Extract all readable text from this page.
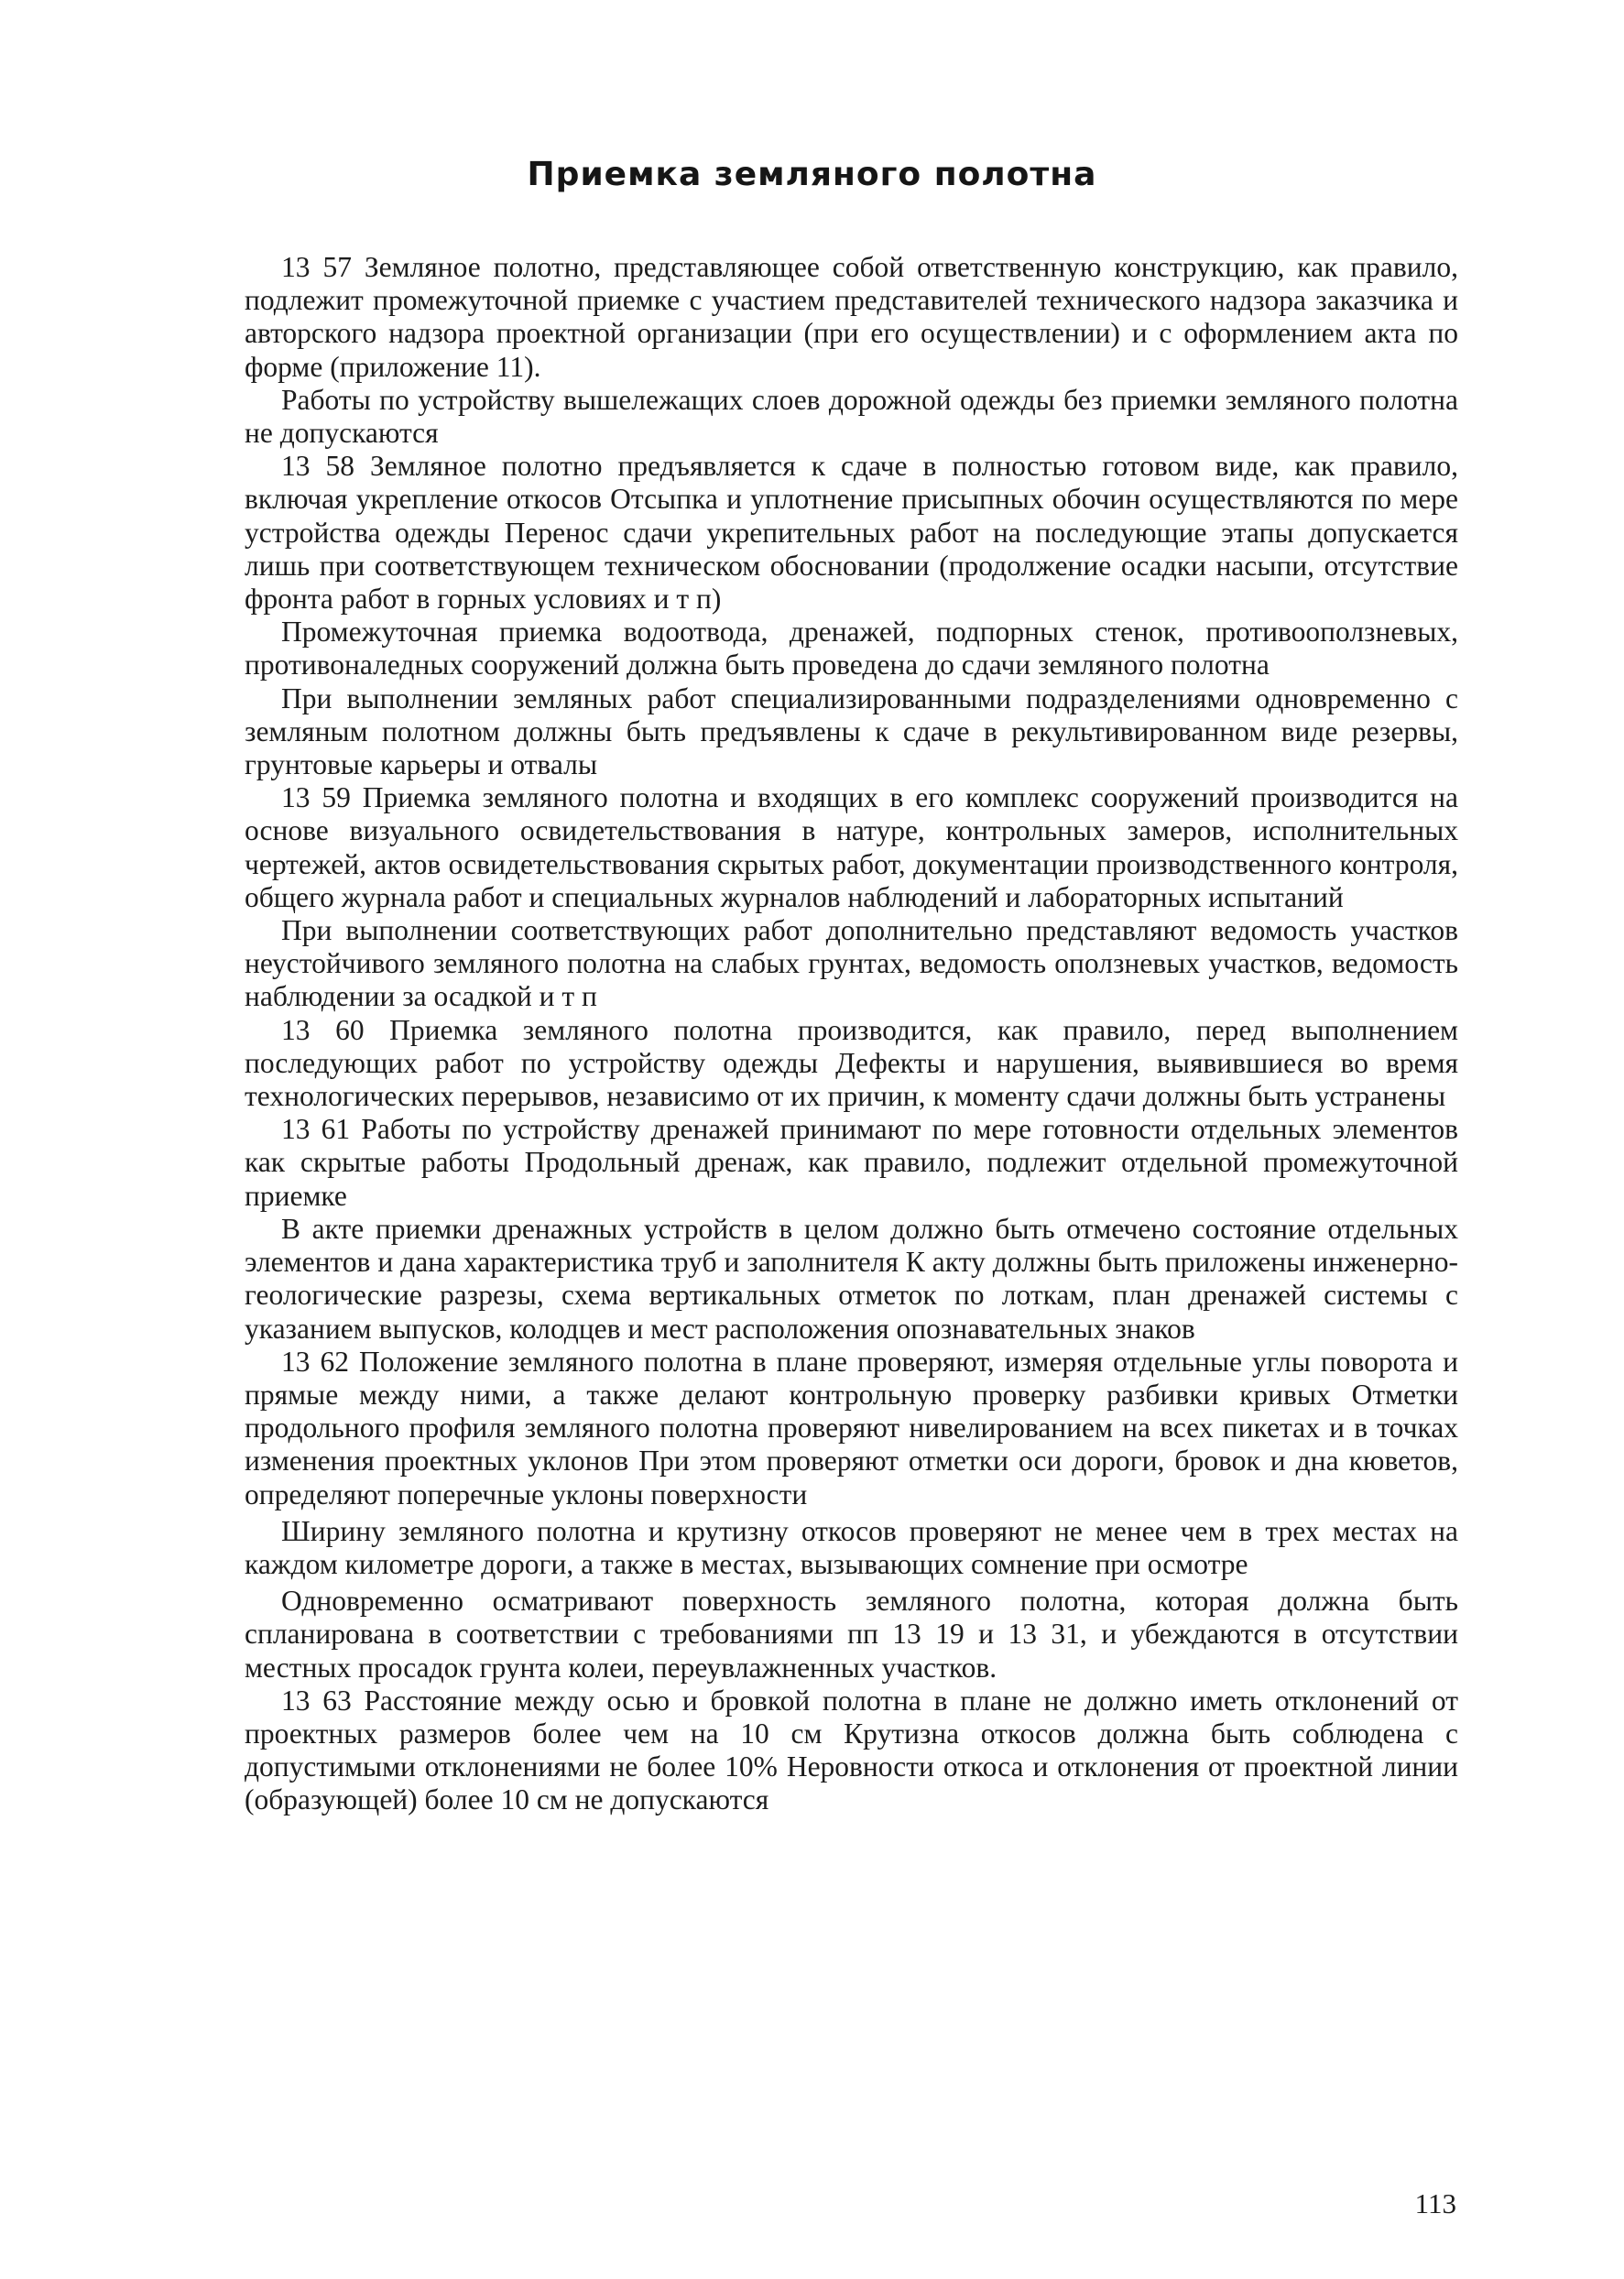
Приемка земляного полотна

13 57 Земляное полотно, представляющее собой ответственную конструкцию, как правило, подлежит промежуточной приемке с участием представителей технического надзора заказчика и авторского надзора проектной организации (при его осуществлении) и с оформлением акта по форме (приложение 11).

Работы по устройству вышележащих слоев дорожной одежды без приемки земляного полотна не допускаются

13 58 Земляное полотно предъявляется к сдаче в полностью готовом виде, как правило, включая укрепление откосов Отсыпка и уплотнение присыпных обочин осуществляются по мере устройства одежды Перенос сдачи укрепительных работ на последующие этапы допускается лишь при соответствующем техническом обосновании (продолжение осадки насыпи, отсутствие фронта работ в горных условиях и т п)

Промежуточная приемка водоотвода, дренажей, подпорных стенок, противооползневых, противоналедных сооружений должна быть проведена до сдачи земляного полотна

При выполнении земляных работ специализированными подразделениями одновременно с земляным полотном должны быть предъявлены к сдаче в рекультивированном виде резервы, грунтовые карьеры и отвалы

13 59 Приемка земляного полотна и входящих в его комплекс сооружений производится на основе визуального освидетельствования в натуре, контрольных замеров, исполнительных чертежей, актов освидетельствования скрытых работ, документации производственного контроля, общего журнала работ и специальных журналов наблюдений и лабораторных испытаний

При выполнении соответствующих работ дополнительно представляют ведомость участков неустойчивого земляного полотна на слабых грунтах, ведомость оползневых участков, ведомость наблюдении за осадкой и т п

13 60 Приемка земляного полотна производится, как правило, перед выполнением последующих работ по устройству одежды Дефекты и нарушения, выявившиеся во время технологических перерывов, независимо от их причин, к моменту сдачи должны быть устранены

13 61 Работы по устройству дренажей принимают по мере готовности отдельных элементов как скрытые работы Продольный дренаж, как правило, подлежит отдельной промежуточной приемке

В акте приемки дренажных устройств в целом должно быть отмечено состояние отдельных элементов и дана характеристика труб и заполнителя К акту должны быть приложены инженерно-геологические разрезы, схема вертикальных отметок по лоткам, план дренажей системы с указанием выпусков, колодцев и мест расположения опознавательных знаков

13 62 Положение земляного полотна в плане проверяют, измеряя отдельные углы поворота и прямые между ними, а также делают контрольную проверку разбивки кривых Отметки продольного профиля земляного полотна проверяют нивелированием на всех пикетах и в точках изменения проектных уклонов При этом проверяют отметки оси дороги, бровок и дна кюветов, определяют поперечные уклоны поверхности

Ширину земляного полотна и крутизну откосов проверяют не менее чем в трех местах на каждом километре дороги, а также в местах, вызывающих сомнение при осмотре

Одновременно осматривают поверхность земляного полотна, которая должна быть спланирована в соответствии с требованиями пп 13 19 и 13 31, и убеждаются в отсутствии местных просадок грунта колеи, переувлажненных участков.

13 63 Расстояние между осью и бровкой полотна в плане не должно иметь отклонений от проектных размеров более чем на 10 см Крутизна откосов должна быть соблюдена с допустимыми отклонениями не более 10% Неровности откоса и отклонения от проектной линии (образующей) более 10 см не допускаются

113
